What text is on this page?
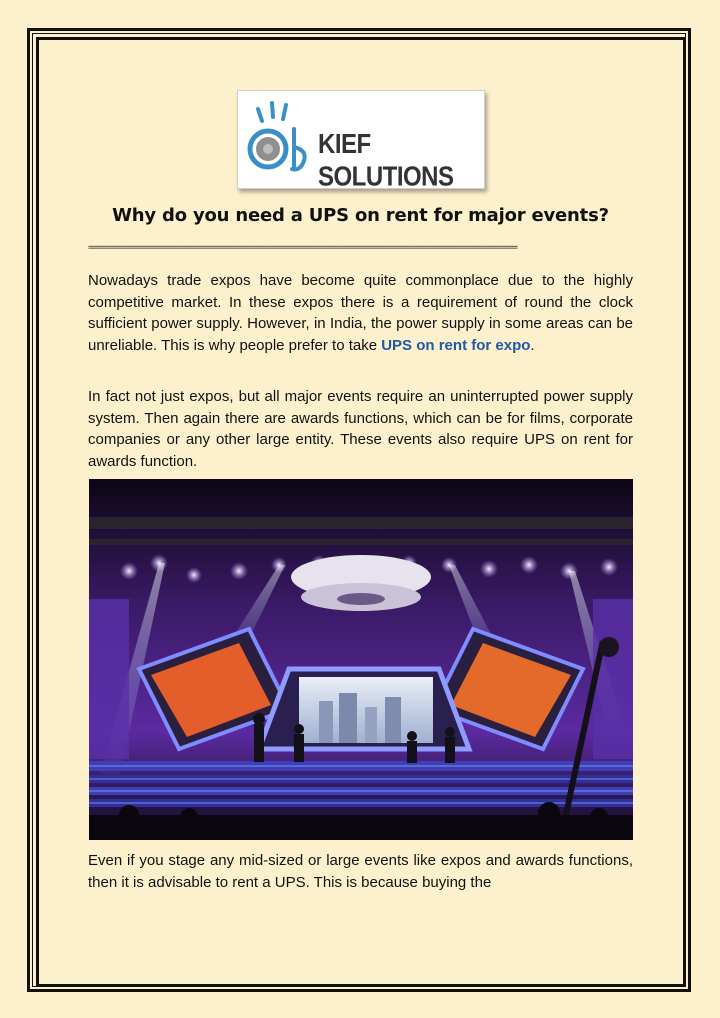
KIEF SOLUTIONS
Why do you need a UPS on rent for major events?
================================================================================================

Nowadays trade expos have become quite commonplace due to the highly competitive market. In these expos there is a requirement of round the clock sufficient power supply. However, in India, the power supply in some areas can be unreliable. This is why people prefer to take UPS on rent for expo.

In fact not just expos, but all major events require an uninterrupted power supply system. Then again there are awards functions, which can be for films, corporate companies or any other large entity. These events also require UPS on rent for awards function.

Even if you stage any mid-sized or large events like expos and awards functions, then it is advisable to rent a UPS. This is because buying the
